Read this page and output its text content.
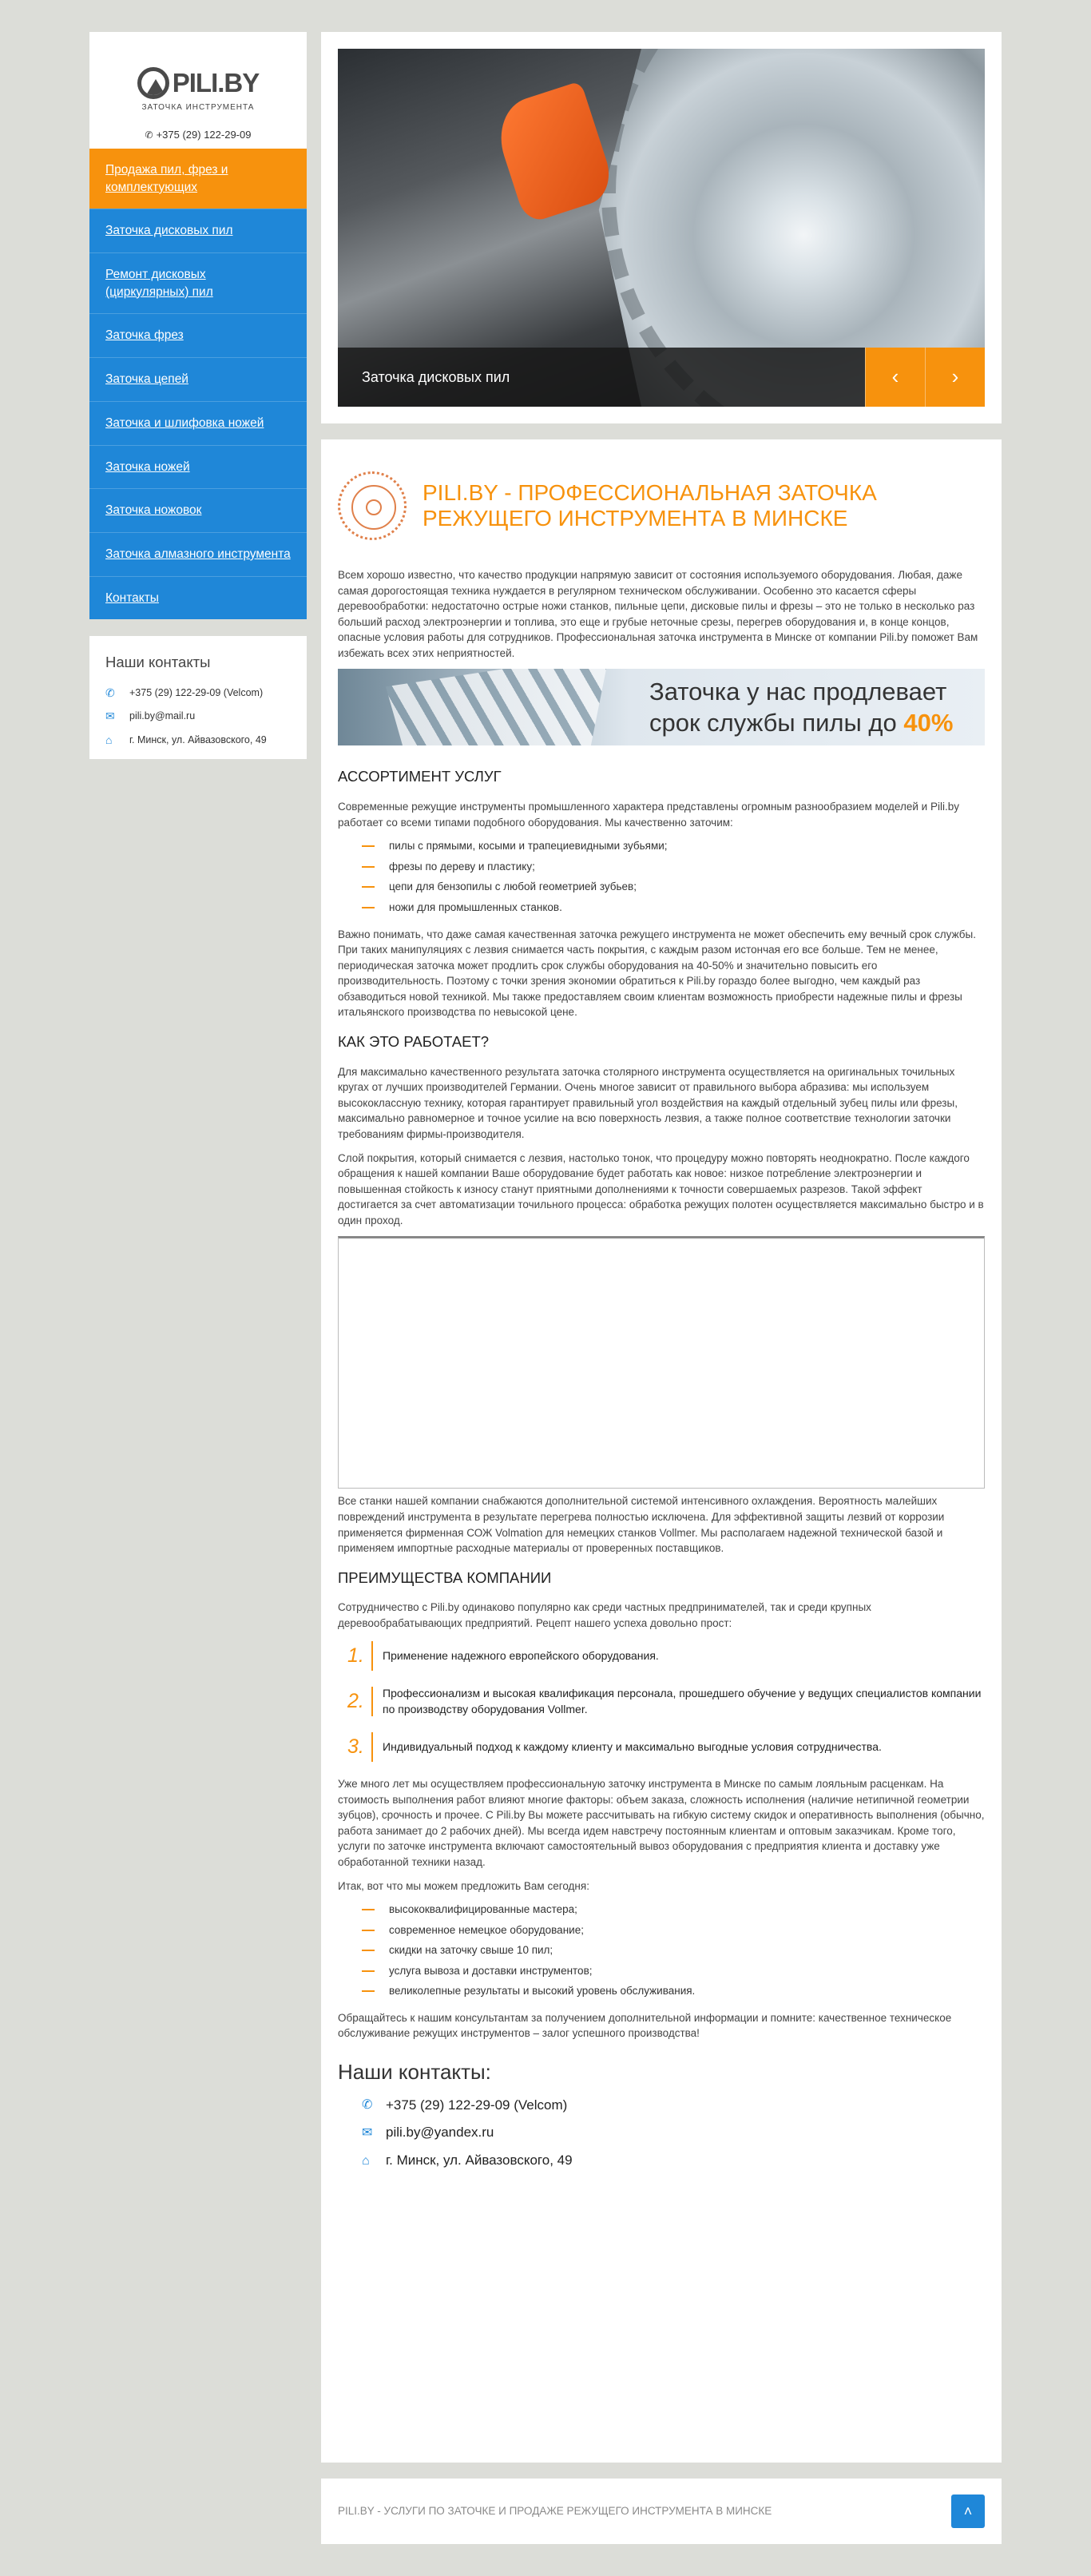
PILI.BY
ЗАТОЧКА ИНСТРУМЕНТА
✆ +375 (29) 122-29-09
Продажа пил, фрез и комплектующих
Заточка дисковых пил
Ремонт дисковых (циркулярных) пил
Заточка фрез
Заточка цепей
Заточка и шлифовка ножей
Заточка ножей
Заточка ножовок
Заточка алмазного инструмента
Контакты
Наши контакты
✆	+375 (29) 122-29-09 (Velcom)
✉	pili.by@mail.ru
⌂	г. Минск, ул. Айвазовского, 49
Заточка дисковых пил	‹	›
PILI.BY - ПРОФЕССИОНАЛЬНАЯ ЗАТОЧКА РЕЖУЩЕГО ИНСТРУМЕНТА В МИНСКЕ

Всем хорошо известно, что качество продукции напрямую зависит от состояния используемого оборудования. Любая, даже самая дорогостоящая техника нуждается в регулярном техническом обслуживании. Особенно это касается сферы деревообработки: недостаточно острые ножи станков, пильные цепи, дисковые пилы и фрезы – это не только в несколько раз больший расход электроэнергии и топлива, это еще и грубые неточные срезы, перегрев оборудования и, в конце концов, опасные условия работы для сотрудников. Профессиональная заточка инструмента в Минске от компании Pili.by поможет Вам избежать всех этих неприятностей.

Заточка у нас продлевает
срок службы пилы до 40%
АССОРТИМЕНТ УСЛУГ

Современные режущие инструменты промышленного характера представлены огромным разнообразием моделей и Pili.by работает со всеми типами подобного оборудования. Мы качественно заточим:

пилы с прямыми, косыми и трапециевидными зубьями;
фрезы по дереву и пластику;
цепи для бензопилы с любой геометрией зубьев;
ножи для промышленных станков.

Важно понимать, что даже самая качественная заточка режущего инструмента не может обеспечить ему вечный срок службы. При таких манипуляциях с лезвия снимается часть покрытия, с каждым разом истончая его все больше. Тем не менее, периодическая заточка может продлить срок службы оборудования на 40-50% и значительно повысить его производительность. Поэтому с точки зрения экономии обратиться к Pili.by гораздо более выгодно, чем каждый раз обзаводиться новой техникой. Мы также предоставляем своим клиентам возможность приобрести надежные пилы и фрезы итальянского производства по невысокой цене.

КАК ЭТО РАБОТАЕТ?

Для максимально качественного результата заточка столярного инструмента осуществляется на оригинальных точильных кругах от лучших производителей Германии. Очень многое зависит от правильного выбора абразива: мы используем высококлассную технику, которая гарантирует правильный угол воздействия на каждый отдельный зубец пилы или фрезы, максимально равномерное и точное усилие на всю поверхность лезвия, а также полное соответствие технологии заточки требованиям фирмы-производителя.

Слой покрытия, который снимается с лезвия, настолько тонок, что процедуру можно повторять неоднократно. После каждого обращения к нашей компании Ваше оборудование будет работать как новое: низкое потребление электроэнергии и повышенная стойкость к износу станут приятными дополнениями к точности совершаемых разрезов. Такой эффект достигается за счет автоматизации точильного процесса: обработка режущих полотен осуществляется максимально быстро и в один проход.

Все станки нашей компании снабжаются дополнительной системой интенсивного охлаждения. Вероятность малейших повреждений инструмента в результате перегрева полностью исключена. Для эффективной защиты лезвий от коррозии применяется фирменная СОЖ Volmation для немецких станков Vollmer. Мы располагаем надежной технической базой и применяем импортные расходные материалы от проверенных поставщиков.

ПРЕИМУЩЕСТВА КОМПАНИИ

Сотрудничество с Pili.by одинаково популярно как среди частных предпринимателей, так и среди крупных деревообрабатывающих предприятий. Рецепт нашего успеха довольно прост:

1.	Применение надежного европейского оборудования.
2.	Профессионализм и высокая квалификация персонала, прошедшего обучение у ведущих специалистов компании по производству оборудования Vollmer.
3.	Индивидуальный подход к каждому клиенту и максимально выгодные условия сотрудничества.

Уже много лет мы осуществляем профессиональную заточку инструмента в Минске по самым лояльным расценкам. На стоимость выполнения работ влияют многие факторы: объем заказа, сложность исполнения (наличие нетипичной геометрии зубцов), срочность и прочее. С Pili.by Вы можете рассчитывать на гибкую систему скидок и оперативность выполнения (обычно, работа занимает до 2 рабочих дней). Мы всегда идем навстречу постоянным клиентам и оптовым заказчикам. Кроме того, услуги по заточке инструмента включают самостоятельный вывоз оборудования с предприятия клиента и доставку уже обработанной техники назад.

Итак, вот что мы можем предложить Вам сегодня:

высококвалифицированные мастера;
современное немецкое оборудование;
скидки на заточку свыше 10 пил;
услуга вывоза и доставки инструментов;
великолепные результаты и высокий уровень обслуживания.

Обращайтесь к нашим консультантам за получением дополнительной информации и помните: качественное техническое обслуживание режущих инструментов – залог успешного производства!

Наши контакты:
✆ +375 (29) 122-29-09 (Velcom)
✉ pili.by@yandex.ru
⌂	г. Минск, ул. Айвазовского, 49
PILI.BY - УСЛУГИ ПО ЗАТОЧКЕ И ПРОДАЖЕ РЕЖУЩЕГО ИНСТРУМЕНТА В МИНСКЕ	˄
